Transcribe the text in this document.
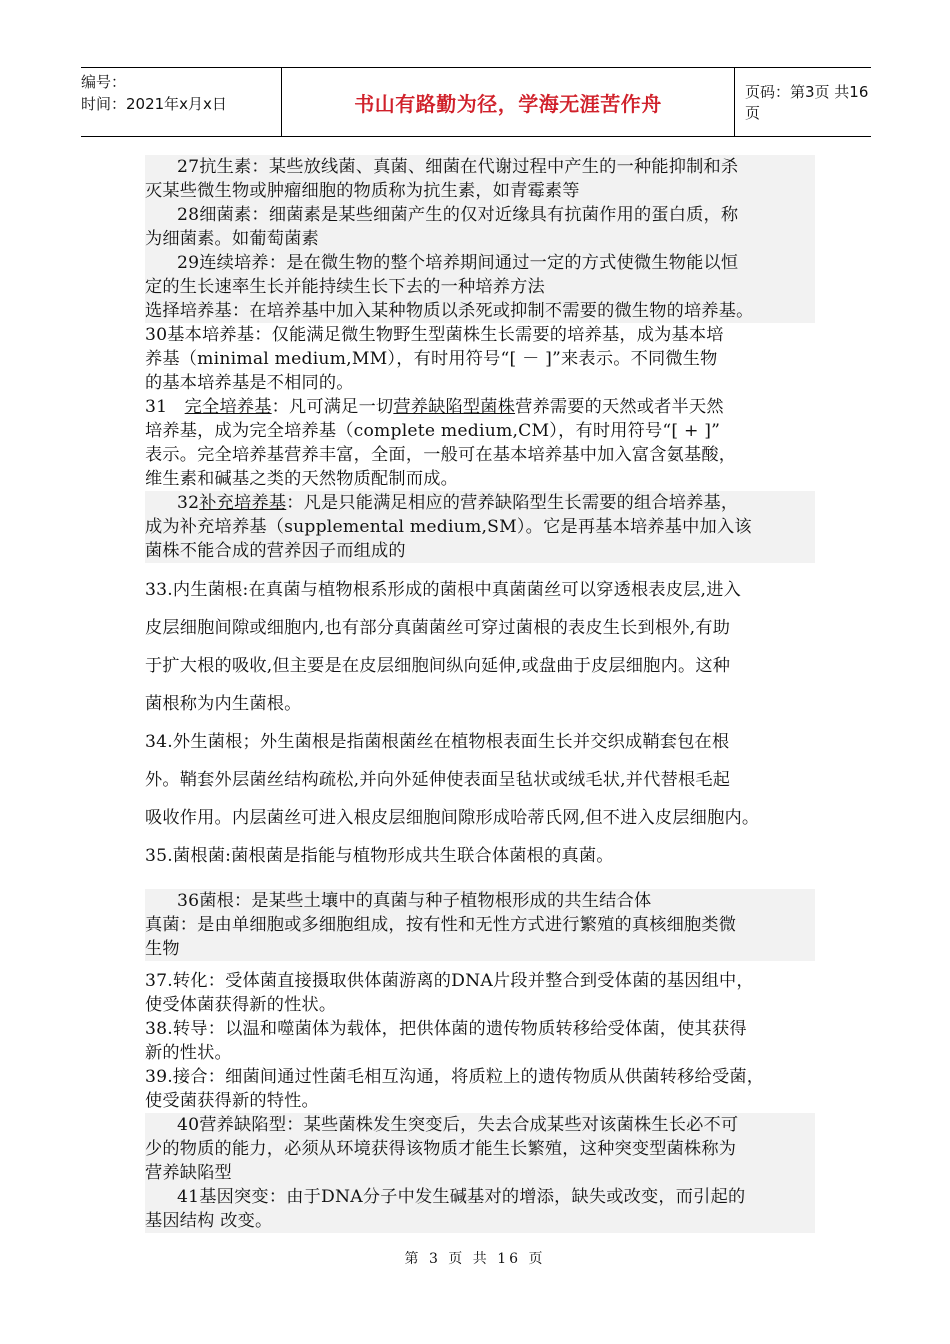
编号：
时间：2021年x月x日	书山有路勤为径，学海无涯苦作舟	页码：第3页 共16页
27抗生素：某些放线菌、真菌、细菌在代谢过程中产生的一种能抑制和杀
灭某些微生物或肿瘤细胞的物质称为抗生素，如青霉素等
28细菌素：细菌素是某些细菌产生的仅对近缘具有抗菌作用的蛋白质，称
为细菌素。如葡萄菌素
29连续培养：是在微生物的整个培养期间通过一定的方式使微生物能以恒
定的生长速率生长并能持续生长下去的一种培养方法
选择培养基：在培养基中加入某种物质以杀死或抑制不需要的微生物的培养基。
30基本培养基：仅能满足微生物野生型菌株生长需要的培养基，成为基本培
养基（minimal medium,MM），有时用符号“[ － ]”来表示。不同微生物
的基本培养基是不相同的。
31　完全培养基：凡可满足一切营养缺陷型菌株营养需要的天然或者半天然
培养基，成为完全培养基（complete medium,CM），有时用符号“[ + ]”
表示。完全培养基营养丰富，全面，一般可在基本培养基中加入富含氨基酸，
维生素和碱基之类的天然物质配制而成。
32补充培养基：凡是只能满足相应的营养缺陷型生长需要的组合培养基，
成为补充培养基（supplemental medium,SM）。它是再基本培养基中加入该
菌株不能合成的营养因子而组成的
33.内生菌根:在真菌与植物根系形成的菌根中真菌菌丝可以穿透根表皮层,进入
皮层细胞间隙或细胞内,也有部分真菌菌丝可穿过菌根的表皮生长到根外,有助
于扩大根的吸收,但主要是在皮层细胞间纵向延伸,或盘曲于皮层细胞内。这种
菌根称为内生菌根。
34.外生菌根；外生菌根是指菌根菌丝在植物根表面生长并交织成鞘套包在根
外。鞘套外层菌丝结构疏松,并向外延伸使表面呈毡状或绒毛状,并代替根毛起
吸收作用。内层菌丝可进入根皮层细胞间隙形成哈蒂氏网,但不进入皮层细胞内。
35.菌根菌:菌根菌是指能与植物形成共生联合体菌根的真菌。
36菌根：是某些土壤中的真菌与种子植物根形成的共生结合体
真菌：是由单细胞或多细胞组成，按有性和无性方式进行繁殖的真核细胞类微
生物
37.转化：受体菌直接摄取供体菌游离的DNA片段并整合到受体菌的基因组中，
使受体菌获得新的性状。
38.转导：以温和噬菌体为载体，把供体菌的遗传物质转移给受体菌，使其获得
新的性状。
39.接合：细菌间通过性菌毛相互沟通，将质粒上的遗传物质从供菌转移给受菌，
使受菌获得新的特性。
40营养缺陷型：某些菌株发生突变后，失去合成某些对该菌株生长必不可
少的物质的能力，必须从环境获得该物质才能生长繁殖，这种突变型菌株称为
营养缺陷型
41基因突变：由于DNA分子中发生碱基对的增添，缺失或改变，而引起的
基因结构 改变。
第 3 页 共 16 页
